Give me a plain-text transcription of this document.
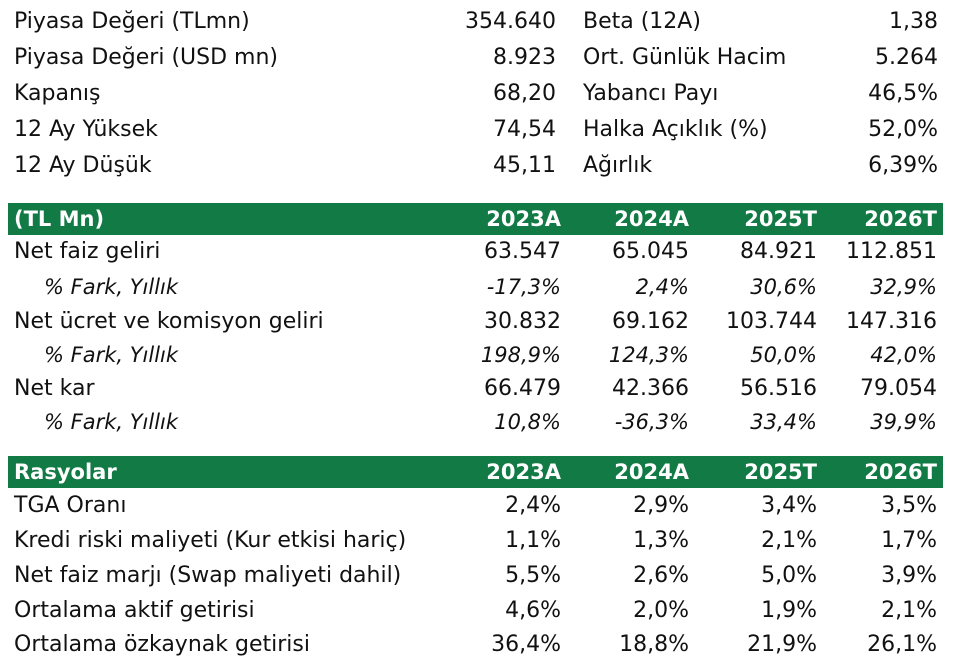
Piyasa Değeri (TLmn)	354.640 Beta (12A)	1,38
Piyasa Değeri (USD mn)	8.923 Ort. Günlük Hacim	5.264
Kapanış	68,20 Yabancı Payı	46,5%
12 Ay Yüksek	74,54 Halka Açıklık (%)	52,0%
12 Ay Düşük	45,11 Ağırlık	6,39%
(TL Mn)	2023A	2024A	2025T 2026T
Net faiz geliri	63.547 65.045 84.921 112.851
% Fark, Yıllık	-17,3%	2,4%	30,6%	32,9%
Net ücret ve komisyon geliri	30.832 69.162 103.744 147.316
% Fark, Yıllık	198,9% 124,3%	50,0%	42,0%
Net kar	66.479 42.366 56.516 79.054
% Fark, Yıllık	10,8%	-36,3%	33,4%	39,9%
Rasyolar	2023A	2024A	2025T 2026T
TGA Oranı	2,4%	2,9%	3,4%	3,5%
Kredi riski maliyeti (Kur etkisi hariç)	1,1%	1,3%	2,1%	1,7%
Net faiz marjı (Swap maliyeti dahil)	5,5%	2,6%	5,0%	3,9%
Ortalama aktif getirisi	4,6%	2,0%	1,9%	2,1%
Ortalama özkaynak getirisi	36,4%	18,8%	21,9% 26,1%
